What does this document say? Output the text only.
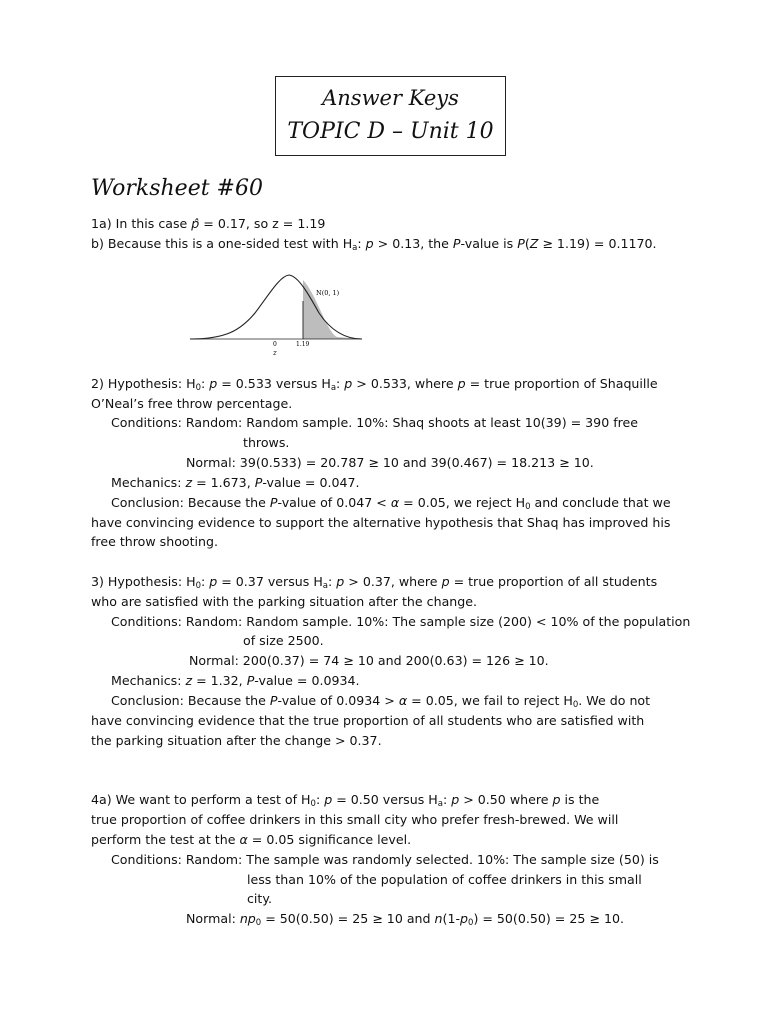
Answer Keys
TOPIC D – Unit 10
Worksheet #60
1a) In this case p̂ = 0.17, so z = 1.19
b) Because this is a one-sided test with $H_a$: p > 0.13, the P-value is P(Z ≥ 1.19) = 0.1170.
N(0, 1)
0	1.19
z
2) Hypothesis: $H_0$: p = 0.533 versus $H_a$: p > 0.533, where p = true proportion of Shaquille
O’Neal’s free throw percentage.
Conditions: Random: Random sample. 10%: Shaq shoots at least 10(39) = 390 free
throws.
Normal: 39(0.533) = 20.787 ≥ 10 and 39(0.467) = 18.213 ≥ 10.
Mechanics: z = 1.673, P-value = 0.047.
Conclusion: Because the P-value of 0.047 < α = 0.05, we reject $H_0$ and conclude that we
have convincing evidence to support the alternative hypothesis that Shaq has improved his
free throw shooting.
3) Hypothesis: $H_0$: p = 0.37 versus $H_a$: p > 0.37, where p = true proportion of all students
who are satisfied with the parking situation after the change.
Conditions: Random: Random sample. 10%: The sample size (200) < 10% of the population
of size 2500.
Normal: 200(0.37) = 74 ≥ 10 and 200(0.63) = 126 ≥ 10.
Mechanics: z = 1.32, P-value = 0.0934.
Conclusion: Because the P-value of 0.0934 > α = 0.05, we fail to reject $H_0$. We do not
have convincing evidence that the true proportion of all students who are satisfied with
the parking situation after the change > 0.37.
4a) We want to perform a test of $H_0$: p = 0.50 versus $H_a$: p > 0.50 where p is the
true proportion of coffee drinkers in this small city who prefer fresh-brewed. We will
perform the test at the α = 0.05 significance level.
Conditions: Random: The sample was randomly selected. 10%: The sample size (50) is
less than 10% of the population of coffee drinkers in this small
city.
Normal: $np_0 = 50(0.50) = 25 \ge 10$ and $n(1-p_0) = 50(0.50) = 25 \ge 10$.
